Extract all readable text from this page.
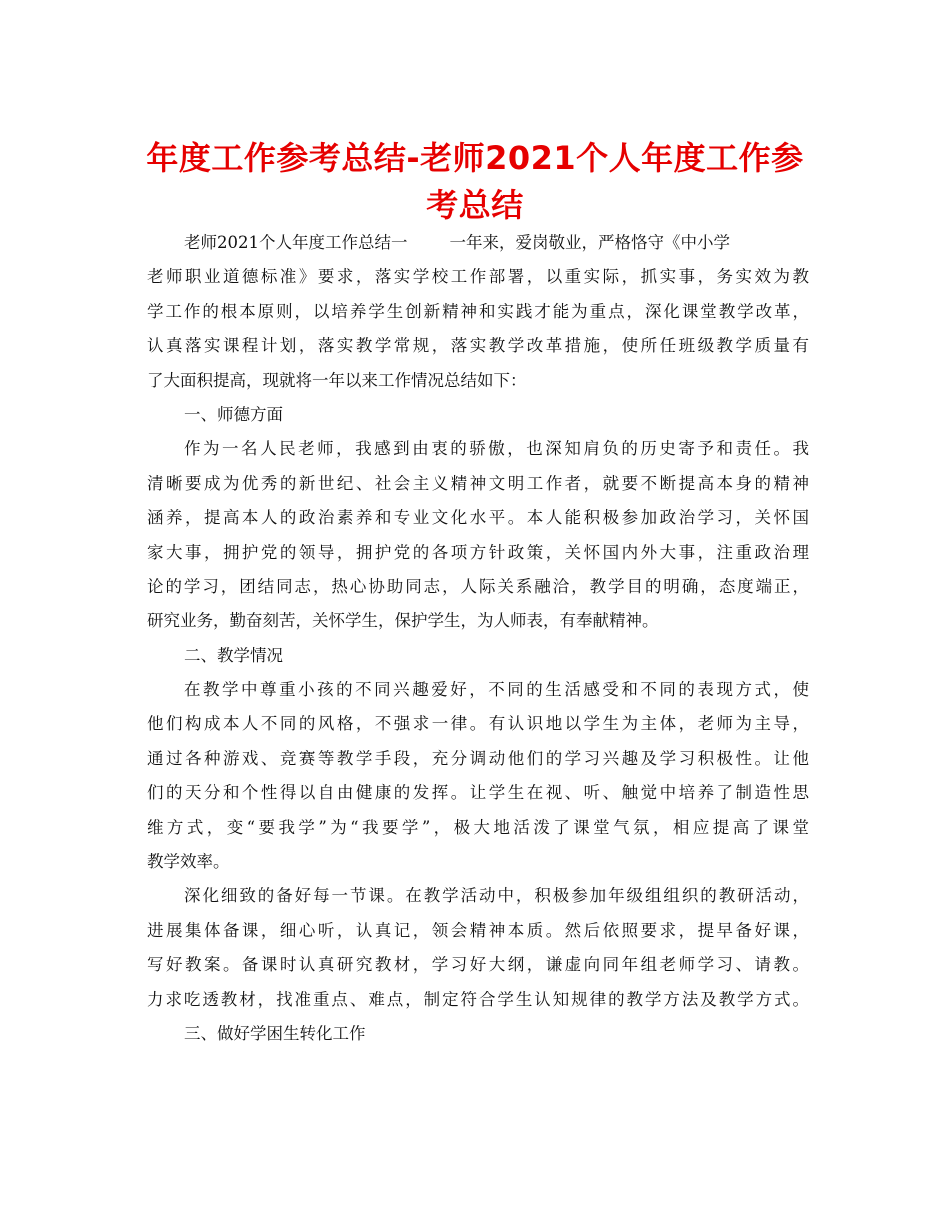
年度工作参考总结-老师2021个人年度工作参
考总结
老师2021个人年度工作总结一	一年来，爱岗敬业，严格恪守《中小学
老师职业道德标准》要求，落实学校工作部署，以重实际，抓实事，务实效为教
学工作的根本原则，以培养学生创新精神和实践才能为重点，深化课堂教学改革，
认真落实课程计划，落实教学常规，落实教学改革措施，使所任班级教学质量有
了大面积提高，现就将一年以来工作情况总结如下：
一、师德方面
作为一名人民老师，我感到由衷的骄傲，也深知肩负的历史寄予和责任。我
清晰要成为优秀的新世纪、社会主义精神文明工作者，就要不断提高本身的精神
涵养，提高本人的政治素养和专业文化水平。本人能积极参加政治学习，关怀国
家大事，拥护党的领导，拥护党的各项方针政策，关怀国内外大事，注重政治理
论的学习，团结同志，热心协助同志，人际关系融洽，教学目的明确，态度端正，
研究业务，勤奋刻苦，关怀学生，保护学生，为人师表，有奉献精神。
二、教学情况
在教学中尊重小孩的不同兴趣爱好，不同的生活感受和不同的表现方式，使
他们构成本人不同的风格，不强求一律。有认识地以学生为主体，老师为主导，
通过各种游戏、竞赛等教学手段，充分调动他们的学习兴趣及学习积极性。让他
们的天分和个性得以自由健康的发挥。让学生在视、听、触觉中培养了制造性思
维方式，变“要我学”为“我要学”，极大地活泼了课堂气氛，相应提高了课堂
教学效率。
深化细致的备好每一节课。在教学活动中，积极参加年级组组织的教研活动，
进展集体备课，细心听，认真记，领会精神本质。然后依照要求，提早备好课，
写好教案。备课时认真研究教材，学习好大纲，谦虚向同年组老师学习、请教。
力求吃透教材，找准重点、难点，制定符合学生认知规律的教学方法及教学方式。
三、做好学困生转化工作
